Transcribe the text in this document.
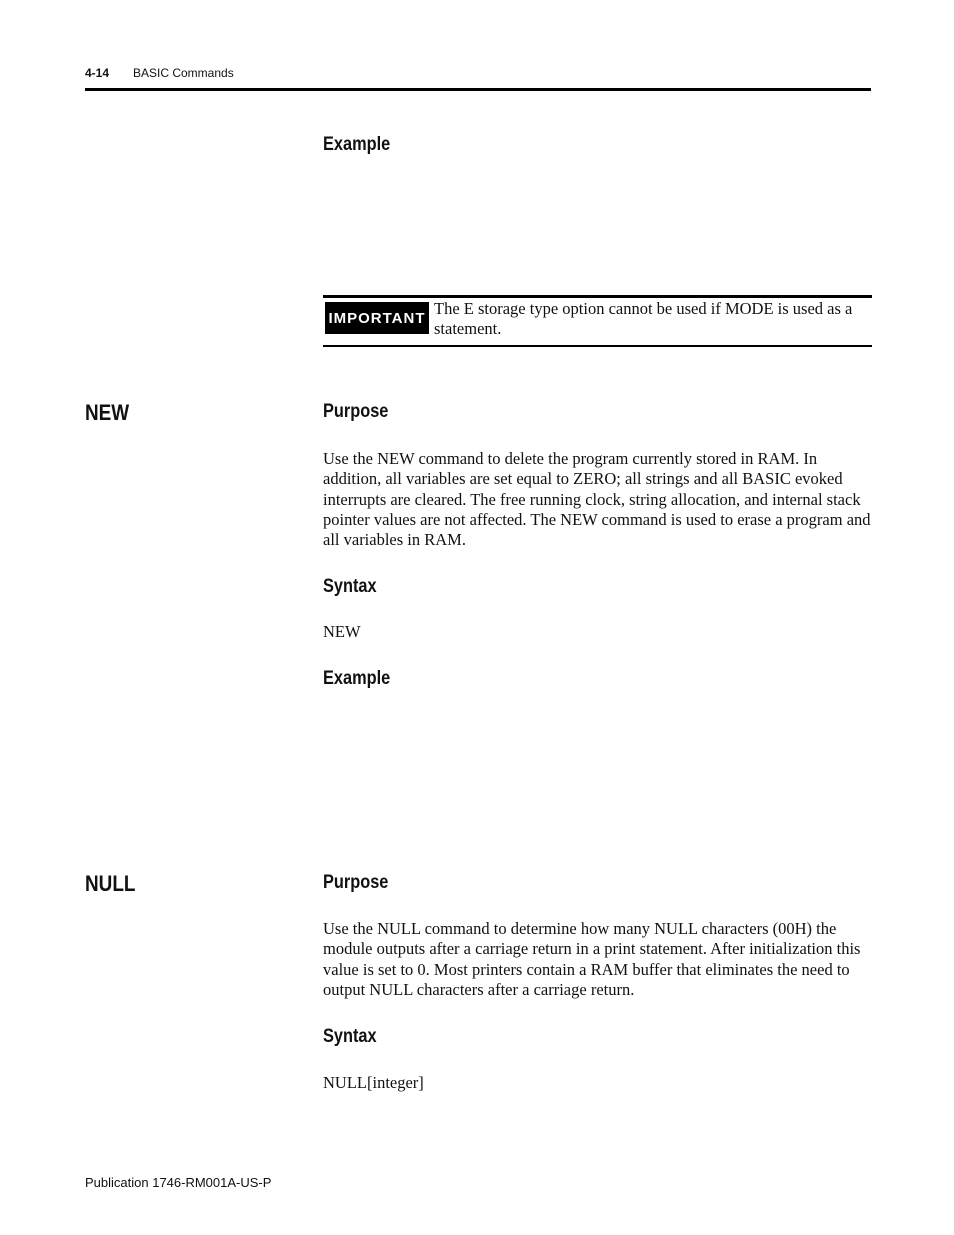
4-14 BASIC Commands
Example
IMPORTANT The E storage type option cannot be used if MODE is used as a statement.
NEW	Purpose
Use the NEW command to delete the program currently stored in RAM. In addition, all variables are set equal to ZERO; all strings and all BASIC evoked interrupts are cleared. The free running clock, string allocation, and internal stack pointer values are not affected. The NEW command is used to erase a program and all variables in RAM.
Syntax
NEW
Example
NULL	Purpose
Use the NULL command to determine how many NULL characters (00H) the module outputs after a carriage return in a print statement. After initialization this value is set to 0. Most printers contain a RAM buffer that eliminates the need to output NULL characters after a carriage return.
Syntax
NULL[integer]
Publication 1746-RM001A-US-P
